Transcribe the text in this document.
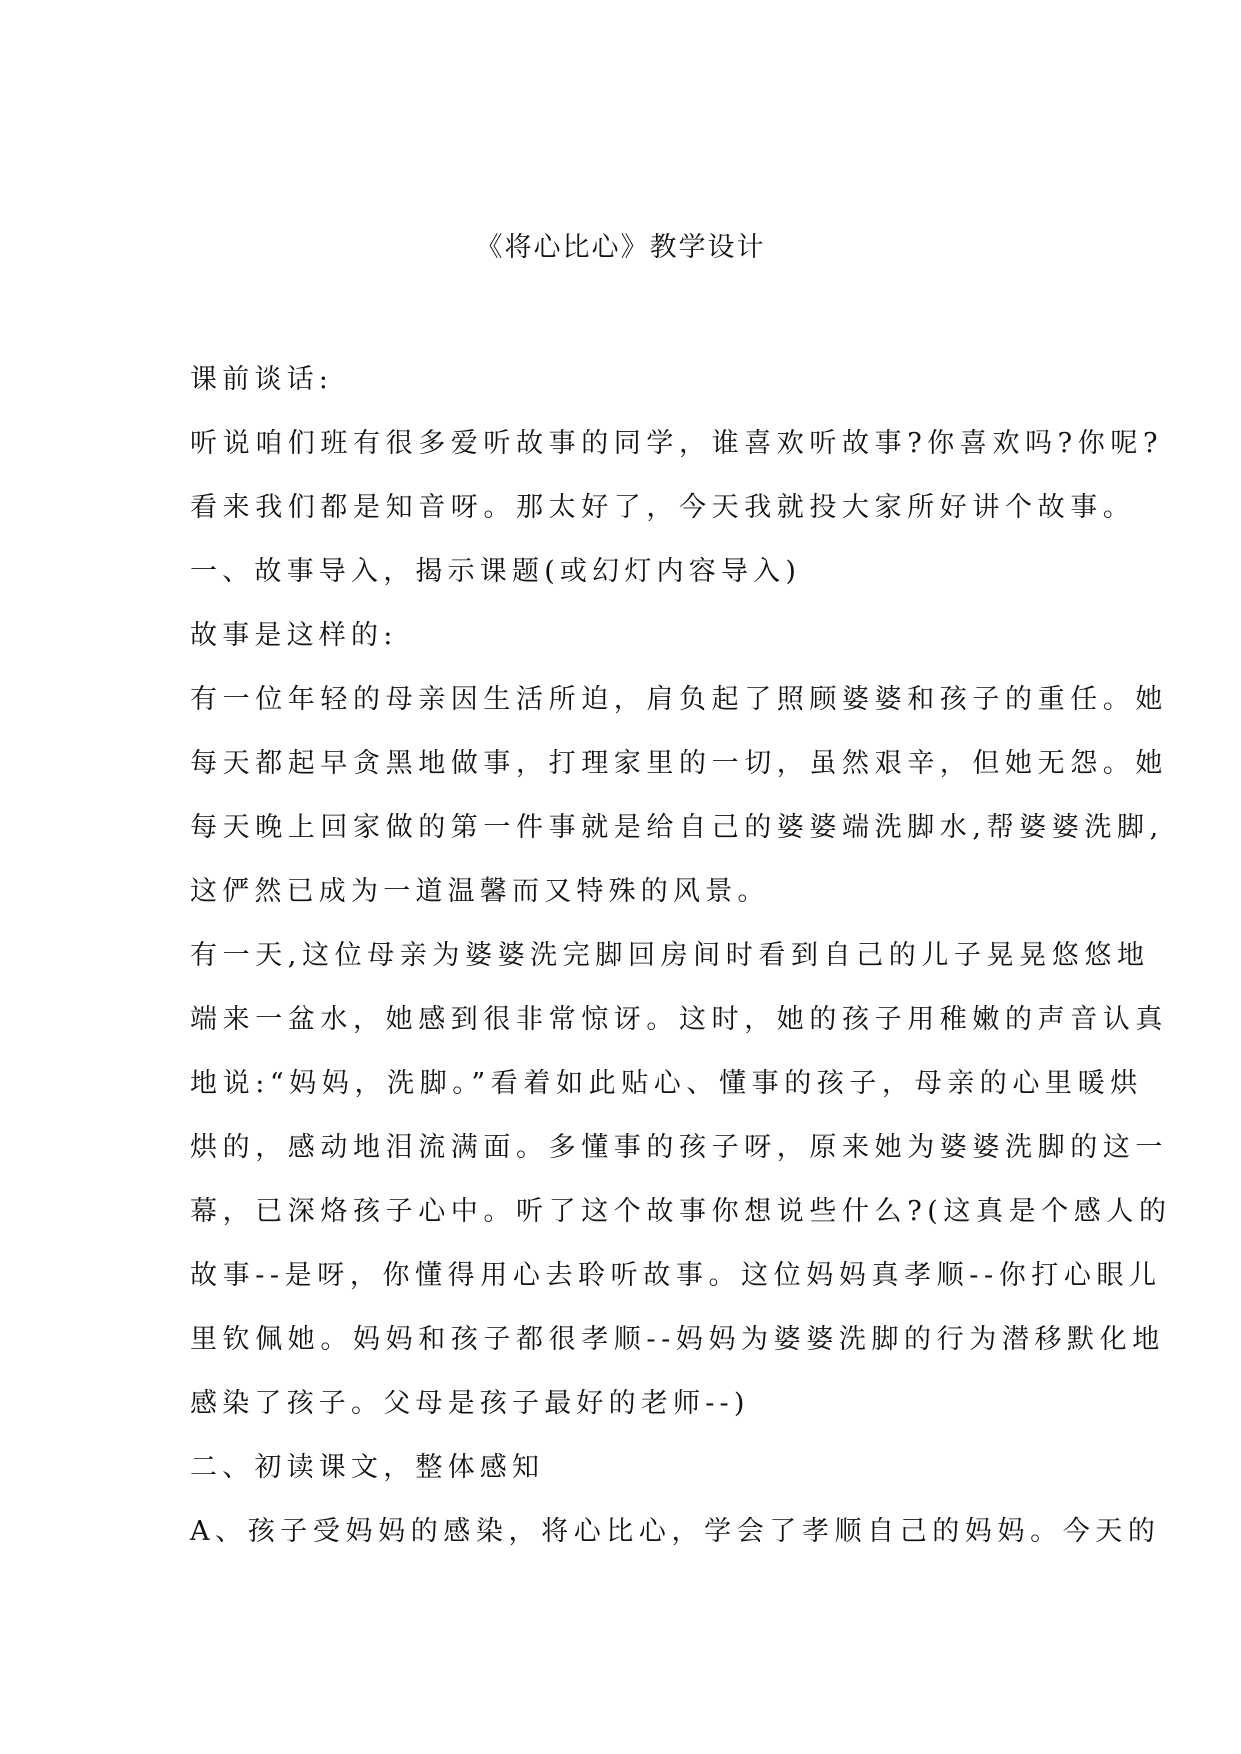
《将心比心》教学设计
课前谈话:
听说咱们班有很多爱听故事的同学，谁喜欢听故事?你喜欢吗?你呢?
看来我们都是知音呀。那太好了，今天我就投大家所好讲个故事。
一、故事导入，揭示课题(或幻灯内容导入)
故事是这样的:
有一位年轻的母亲因生活所迫，肩负起了照顾婆婆和孩子的重任。她
每天都起早贪黑地做事，打理家里的一切，虽然艰辛，但她无怨。她
每天晚上回家做的第一件事就是给自己的婆婆端洗脚水,帮婆婆洗脚,
这俨然已成为一道温馨而又特殊的风景。
有一天,这位母亲为婆婆洗完脚回房间时看到自己的儿子晃晃悠悠地
端来一盆水，她感到很非常惊讶。这时，她的孩子用稚嫩的声音认真
地说:“妈妈，洗脚。”看着如此贴心、懂事的孩子，母亲的心里暖烘
烘的，感动地泪流满面。多懂事的孩子呀，原来她为婆婆洗脚的这一
幕，已深烙孩子心中。听了这个故事你想说些什么?(这真是个感人的
故事--是呀，你懂得用心去聆听故事。这位妈妈真孝顺--你打心眼儿
里钦佩她。妈妈和孩子都很孝顺--妈妈为婆婆洗脚的行为潜移默化地
感染了孩子。父母是孩子最好的老师--)
二、初读课文，整体感知
A、孩子受妈妈的感染，将心比心，学会了孝顺自己的妈妈。今天的
